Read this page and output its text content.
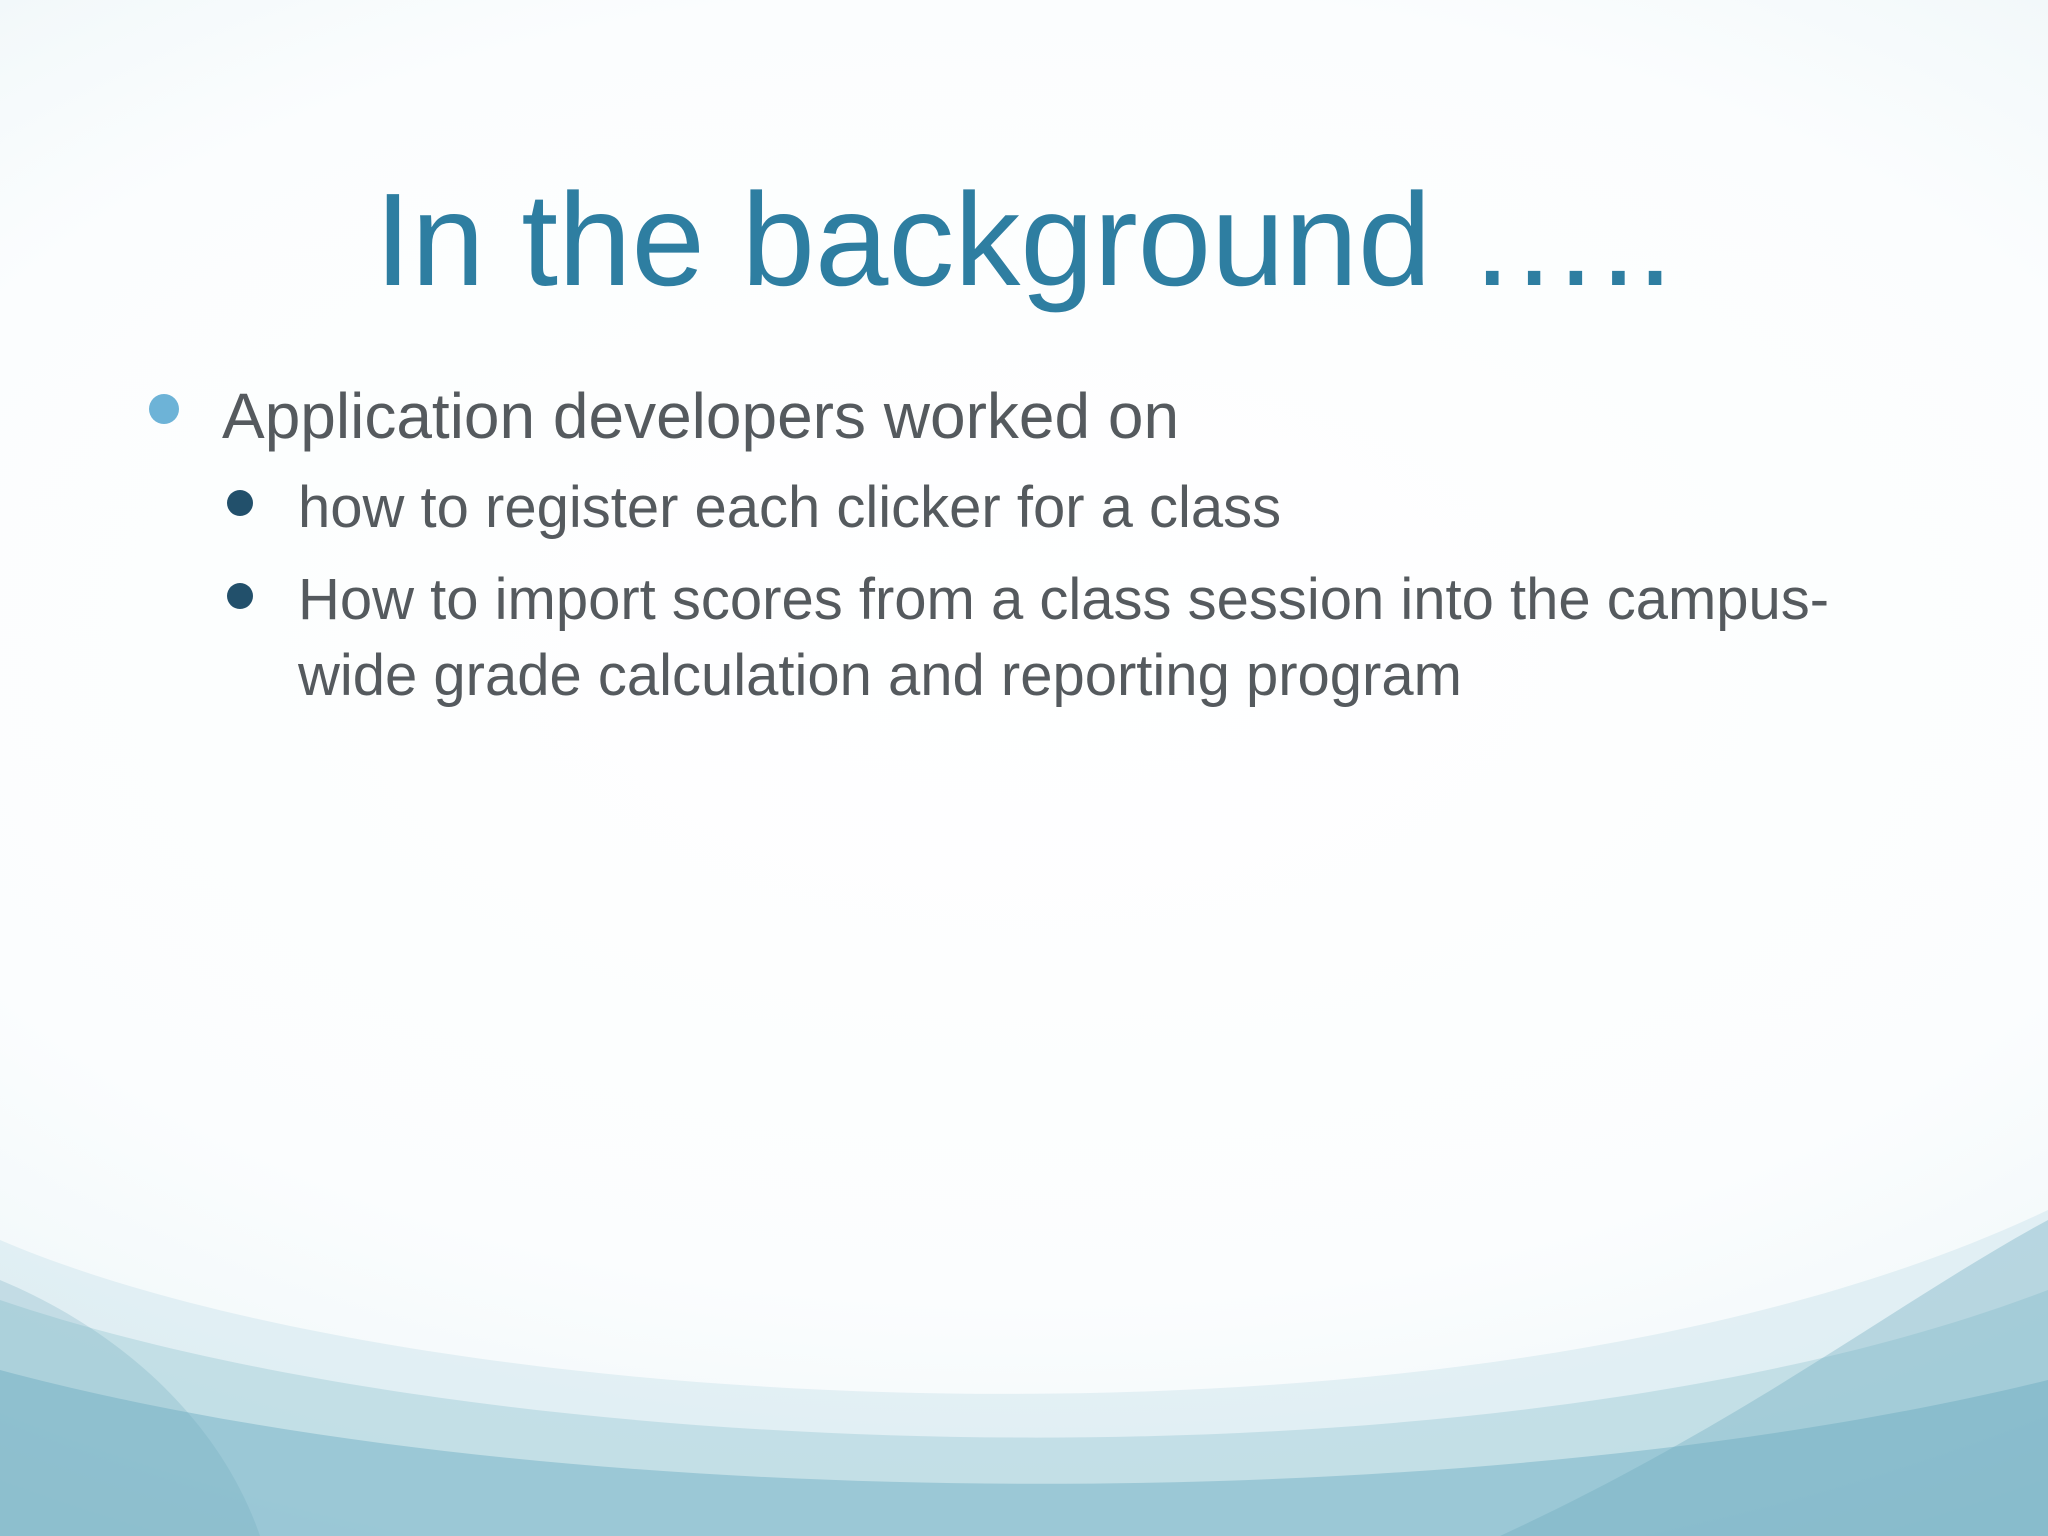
In the background …..
Application developers worked on
how to register each clicker for a class
How to import scores from a class session into the campus-wide grade calculation and reporting program
